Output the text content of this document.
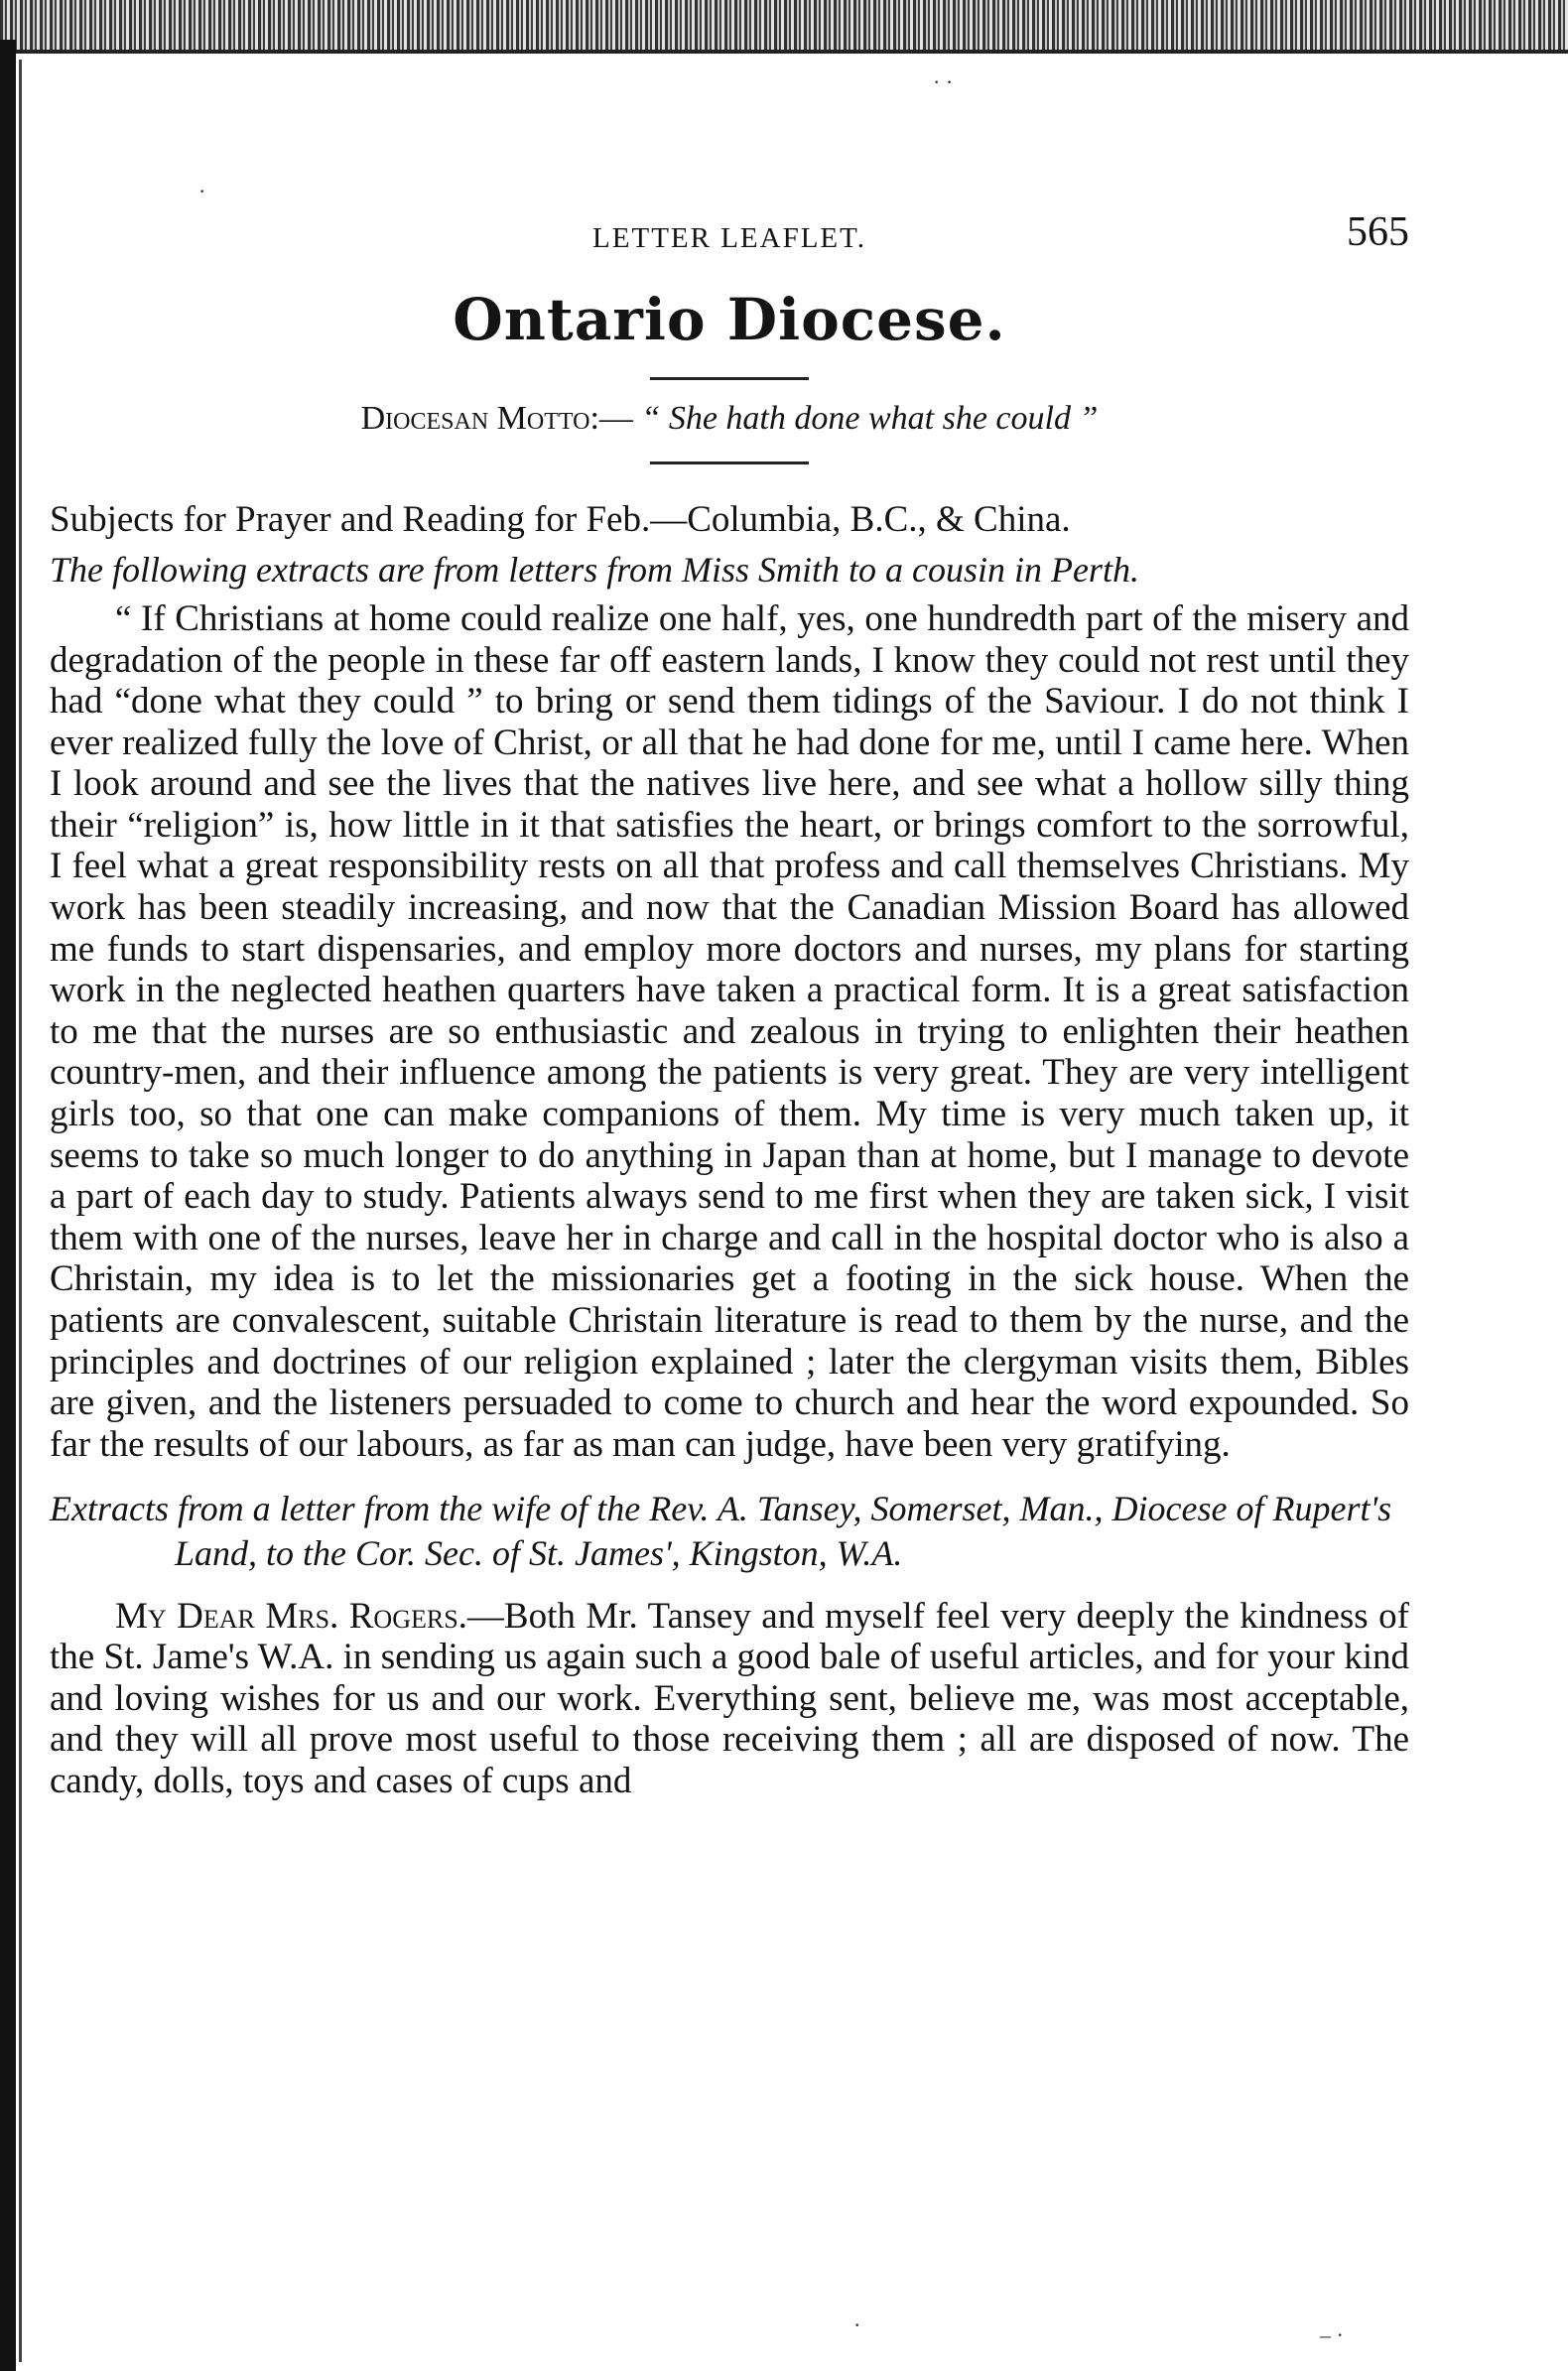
LETTER LEAFLET.	565
Ontario Diocese.
Diocesan Motto:— “ She hath done what she could ”
Subjects for Prayer and Reading for Feb.—Columbia, B.C., & China.
The following extracts are from letters from Miss Smith to a cousin in Perth.

“ If Christians at home could realize one half, yes, one hundredth part of the misery and degradation of the people in these far off eastern lands, I know they could not rest until they had “done what they could ” to bring or send them tidings of the Saviour. I do not think I ever realized fully the love of Christ, or all that he had done for me, until I came here. When I look around and see the lives that the natives live here, and see what a hollow silly thing their “religion” is, how little in it that satisfies the heart, or brings comfort to the sorrowful, I feel what a great responsibility rests on all that profess and call themselves Christians. My work has been steadily increasing, and now that the Canadian Mission Board has allowed me funds to start dispensaries, and employ more doctors and nurses, my plans for starting work in the neglected heathen quarters have taken a practical form. It is a great satisfaction to me that the nurses are so enthusiastic and zealous in trying to enlighten their heathen country-men, and their influence among the patients is very great. They are very intelligent girls too, so that one can make companions of them. My time is very much taken up, it seems to take so much longer to do anything in Japan than at home, but I manage to devote a part of each day to study. Patients always send to me first when they are taken sick, I visit them with one of the nurses, leave her in charge and call in the hospital doctor who is also a Christain, my idea is to let the missionaries get a footing in the sick house. When the patients are convalescent, suitable Christain literature is read to them by the nurse, and the principles and doctrines of our religion explained ; later the clergyman visits them, Bibles are given, and the listeners persuaded to come to church and hear the word expounded. So far the results of our labours, as far as man can judge, have been very gratifying.

Extracts from a letter from the wife of the Rev. A. Tansey, Somerset, Man., Diocese of Rupert's Land, to the Cor. Sec. of St. James', Kingston, W.A.

My Dear Mrs. Rogers.—Both Mr. Tansey and myself feel very deeply the kindness of the St. Jame's W.A. in sending us again such a good bale of useful articles, and for your kind and loving wishes for us and our work. Everything sent, believe me, was most acceptable, and they will all prove most useful to those receiving them ; all are disposed of now. The candy, dolls, toys and cases of cups and

·
· ·
·	– ·
